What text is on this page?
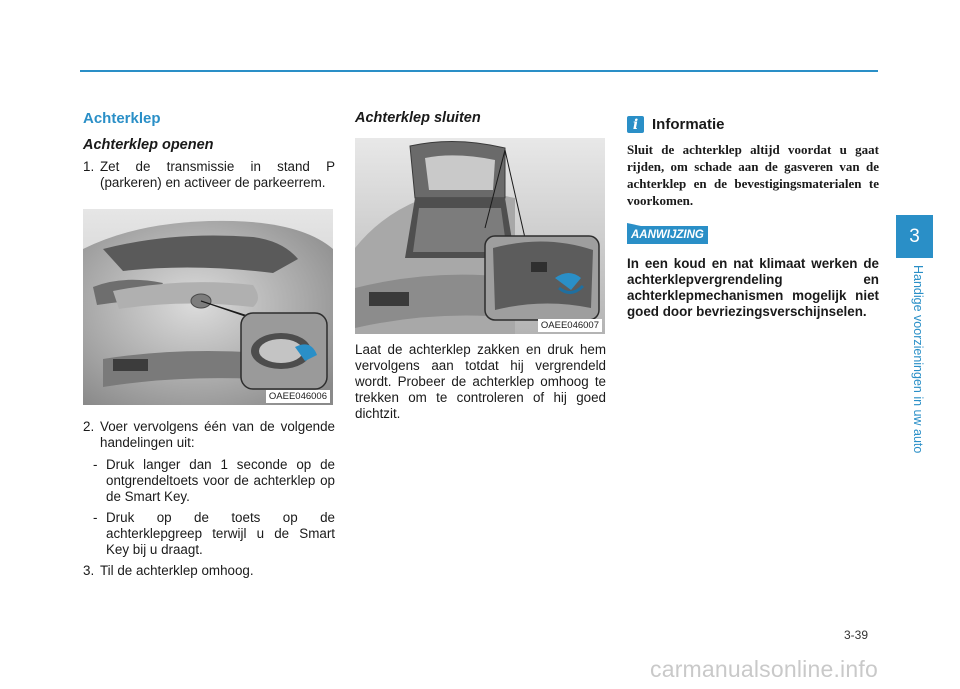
Achterklep
Achterklep openen
1. Zet de transmissie in stand P (parkeren) en activeer de parkeerrem.
OAEE046006
2. Voer vervolgens één van de volgende handelingen uit:
- Druk langer dan 1 seconde op de ontgrendeltoets voor de achterklep op de Smart Key.
- Druk op de toets op de achterklepgreep terwijl u de Smart Key bij u draagt.
3. Til de achterklep omhoog.
Achterklep sluiten
OAEE046007
Laat de achterklep zakken en druk hem vervolgens aan totdat hij vergrendeld wordt. Probeer de achterklep omhoog te trekken om te controleren of hij goed dichtzit.
i Informatie
Sluit de achterklep altijd voordat u gaat rijden, om schade aan de gasveren van de achterklep en de bevestigingsmaterialen te voorkomen.
AANWIJZING
In een koud en nat klimaat werken de achterklepvergrendeling en achterklepmechanismen mogelijk niet goed door bevriezingsverschijnselen.
3
Handige voorzieningen in uw auto
3-39
carmanualsonline.info
